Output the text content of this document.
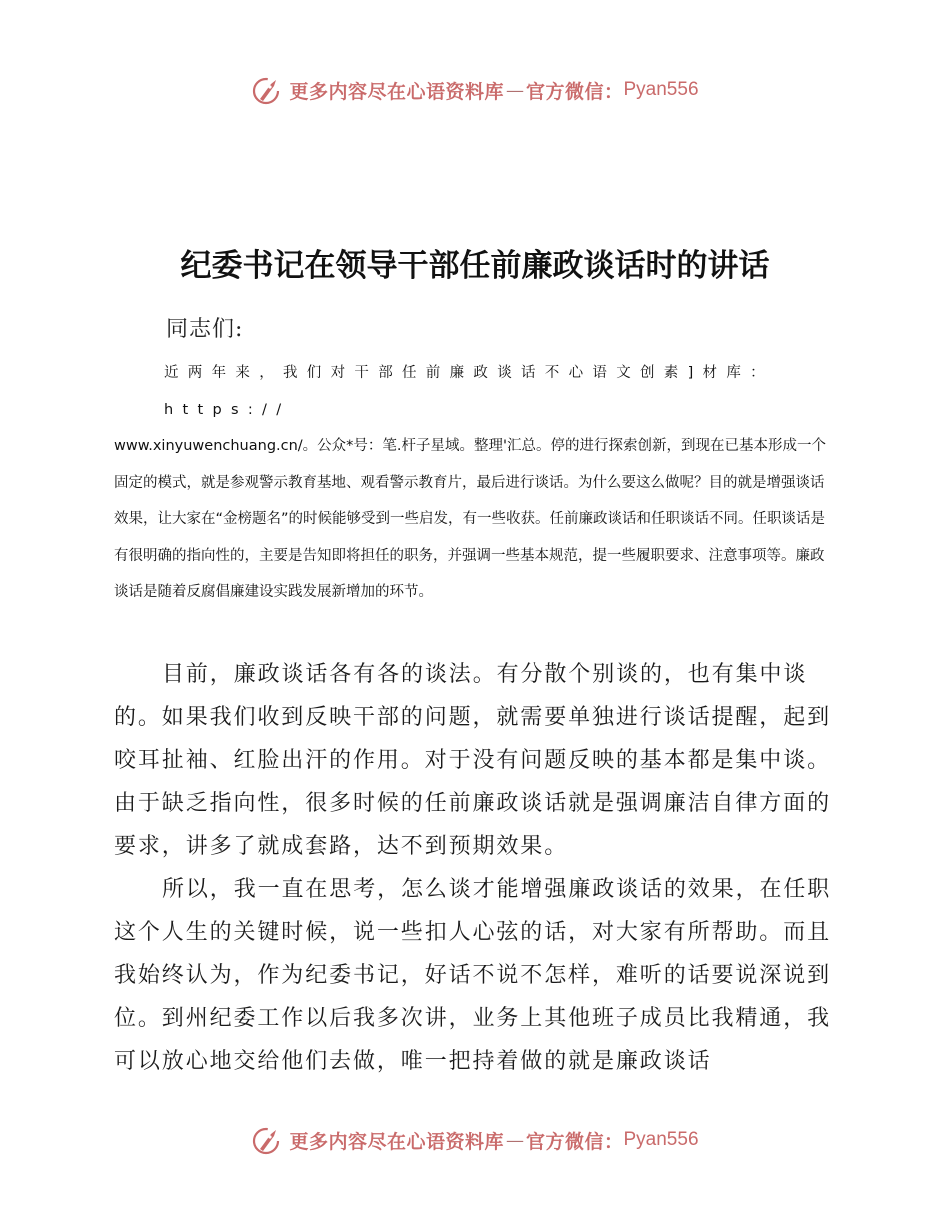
更多内容尽在心语资料库 — 官方微信： Pyan556
纪委书记在领导干部任前廉政谈话时的讲话
同志们:
近两年来，我们对干部任前廉政谈话不心语文创素]材库：https://
www.xinyuwenchuang.cn/。公众*号：笔.杆子星域。整理'汇总。停的进行探索创新，到现在已基本形成一个固定的模式，就是参观警示教育基地、观看警示教育片，最后进行谈话。为什么要这么做呢？目的就是增强谈话效果，让大家在“金榜题名”的时候能够受到一些启发，有一些收获。任前廉政谈话和任职谈话不同。任职谈话是有很明确的指向性的，主要是告知即将担任的职务，并强调一些基本规范，提一些履职要求、注意事项等。廉政谈话是随着反腐倡廉建设实践发展新增加的环节。
目前，廉政谈话各有各的谈法。有分散个别谈的，也有集中谈的。如果我们收到反映干部的问题，就需要单独进行谈话提醒，起到咬耳扯袖、红脸出汗的作用。对于没有问题反映的基本都是集中谈。由于缺乏指向性，很多时候的任前廉政谈话就是强调廉洁自律方面的要求，讲多了就成套路，达不到预期效果。
所以，我一直在思考，怎么谈才能增强廉政谈话的效果，在任职这个人生的关键时候，说一些扣人心弦的话，对大家有所帮助。而且我始终认为，作为纪委书记，好话不说不怎样，难听的话要说深说到位。到州纪委工作以后我多次讲，业务上其他班子成员比我精通，我可以放心地交给他们去做，唯一把持着做的就是廉政谈话
更多内容尽在心语资料库 — 官方微信： Pyan556
